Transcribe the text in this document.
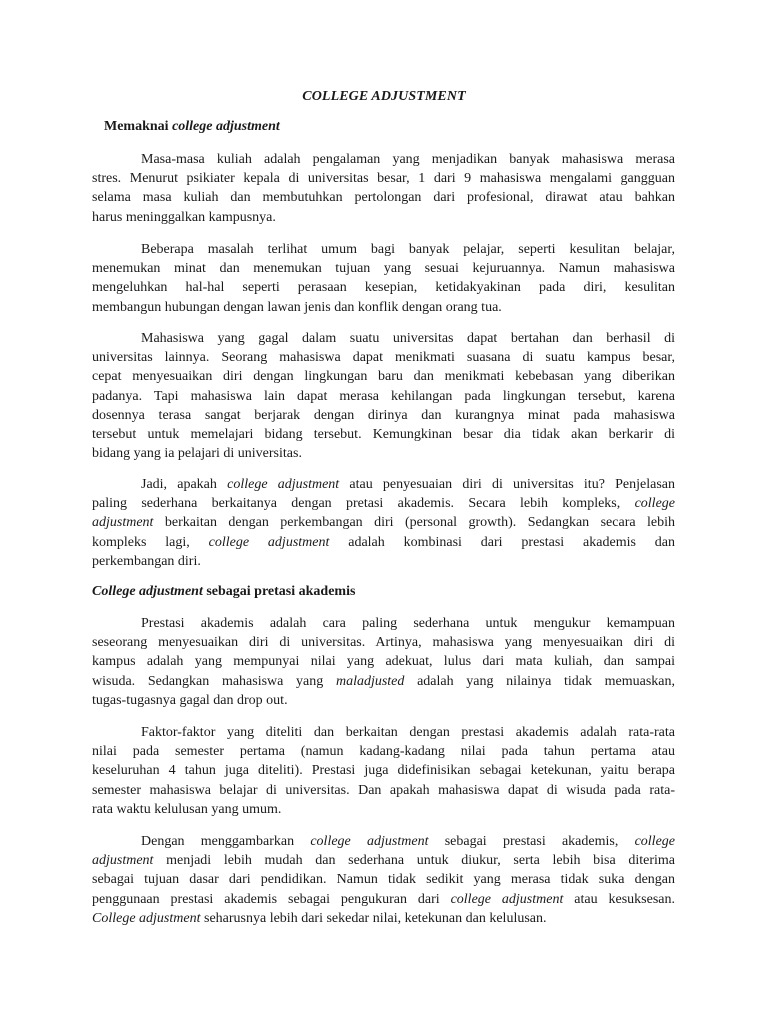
COLLEGE ADJUSTMENT

Memaknai college adjustment

Masa-masa kuliah adalah pengalaman yang menjadikan banyak mahasiswa merasa
stres. Menurut psikiater kepala di universitas besar, 1 dari 9 mahasiswa mengalami gangguan
selama masa kuliah dan membutuhkan pertolongan dari profesional, dirawat atau bahkan
harus meninggalkan kampusnya.
Beberapa masalah terlihat umum bagi banyak pelajar, seperti kesulitan belajar,
menemukan minat dan menemukan tujuan yang sesuai kejuruannya. Namun mahasiswa
mengeluhkan hal-hal seperti perasaan kesepian, ketidakyakinan pada diri, kesulitan
membangun hubungan dengan lawan jenis dan konflik dengan orang tua.
Mahasiswa yang gagal dalam suatu universitas dapat bertahan dan berhasil di
universitas lainnya. Seorang mahasiswa dapat menikmati suasana di suatu kampus besar,
cepat menyesuaikan diri dengan lingkungan baru dan menikmati kebebasan yang diberikan
padanya. Tapi mahasiswa lain dapat merasa kehilangan pada lingkungan tersebut, karena
dosennya terasa sangat berjarak dengan dirinya dan kurangnya minat pada mahasiswa
tersebut untuk memelajari bidang tersebut. Kemungkinan besar dia tidak akan berkarir di
bidang yang ia pelajari di universitas.
Jadi, apakah college adjustment atau penyesuaian diri di universitas itu? Penjelasan
paling sederhana berkaitanya dengan pretasi akademis. Secara lebih kompleks, college
adjustment berkaitan dengan perkembangan diri (personal growth). Sedangkan secara lebih
kompleks lagi, college adjustment adalah kombinasi dari prestasi akademis dan
perkembangan diri.

College adjustment sebagai pretasi akademis

Prestasi akademis adalah cara paling sederhana untuk mengukur kemampuan
seseorang menyesuaikan diri di universitas. Artinya, mahasiswa yang menyesuaikan diri di
kampus adalah yang mempunyai nilai yang adekuat, lulus dari mata kuliah, dan sampai
wisuda. Sedangkan mahasiswa yang maladjusted adalah yang nilainya tidak memuaskan,
tugas-tugasnya gagal dan drop out.
Faktor-faktor yang diteliti dan berkaitan dengan prestasi akademis adalah rata-rata
nilai pada semester pertama (namun kadang-kadang nilai pada tahun pertama atau
keseluruhan 4 tahun juga diteliti). Prestasi juga didefinisikan sebagai ketekunan, yaitu berapa
semester mahasiswa belajar di universitas. Dan apakah mahasiswa dapat di wisuda pada rata-
rata waktu kelulusan yang umum.
Dengan menggambarkan college adjustment sebagai prestasi akademis, college
adjustment menjadi lebih mudah dan sederhana untuk diukur, serta lebih bisa diterima
sebagai tujuan dasar dari pendidikan. Namun tidak sedikit yang merasa tidak suka dengan
penggunaan prestasi akademis sebagai pengukuran dari college adjustment atau kesuksesan.
College adjustment seharusnya lebih dari sekedar nilai, ketekunan dan kelulusan.
